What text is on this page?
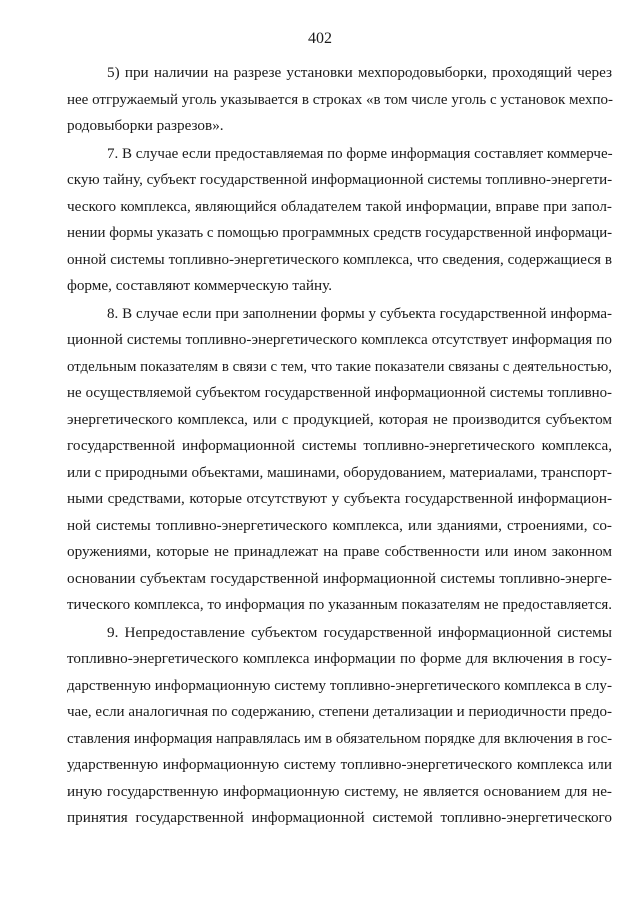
402
5) при наличии на разрезе установки мехпородовыборки, проходящий через
нее отгружаемый уголь указывается в строках «в том числе уголь с установок мехпо-
родовыборки разрезов».
7. В случае если предоставляемая по форме информация составляет коммерче-
скую тайну, субъект государственной информационной системы топливно-энергети-
ческого комплекса, являющийся обладателем такой информации, вправе при запол-
нении формы указать с помощью программных средств государственной информаци-
онной системы топливно-энергетического комплекса, что сведения, содержащиеся в
форме, составляют коммерческую тайну.
8. В случае если при заполнении формы у субъекта государственной информа-
ционной системы топливно-энергетического комплекса отсутствует информация по
отдельным показателям в связи с тем, что такие показатели связаны с деятельностью,
не осуществляемой субъектом государственной информационной системы топливно-
энергетического комплекса, или с продукцией, которая не производится субъектом
государственной информационной системы топливно-энергетического комплекса,
или с природными объектами, машинами, оборудованием, материалами, транспорт-
ными средствами, которые отсутствуют у субъекта государственной информацион-
ной системы топливно-энергетического комплекса, или зданиями, строениями, со-
оружениями, которые не принадлежат на праве собственности или ином законном
основании субъектам государственной информационной системы топливно-энерге-
тического комплекса, то информация по указанным показателям не предоставляется.
9. Непредоставление субъектом государственной информационной системы
топливно-энергетического комплекса информации по форме для включения в госу-
дарственную информационную систему топливно-энергетического комплекса в слу-
чае, если аналогичная по содержанию, степени детализации и периодичности предо-
ставления информация направлялась им в обязательном порядке для включения в гос-
ударственную информационную систему топливно-энергетического комплекса или
иную государственную информационную систему, не является основанием для не-
принятия государственной информационной системой топливно-энергетического
